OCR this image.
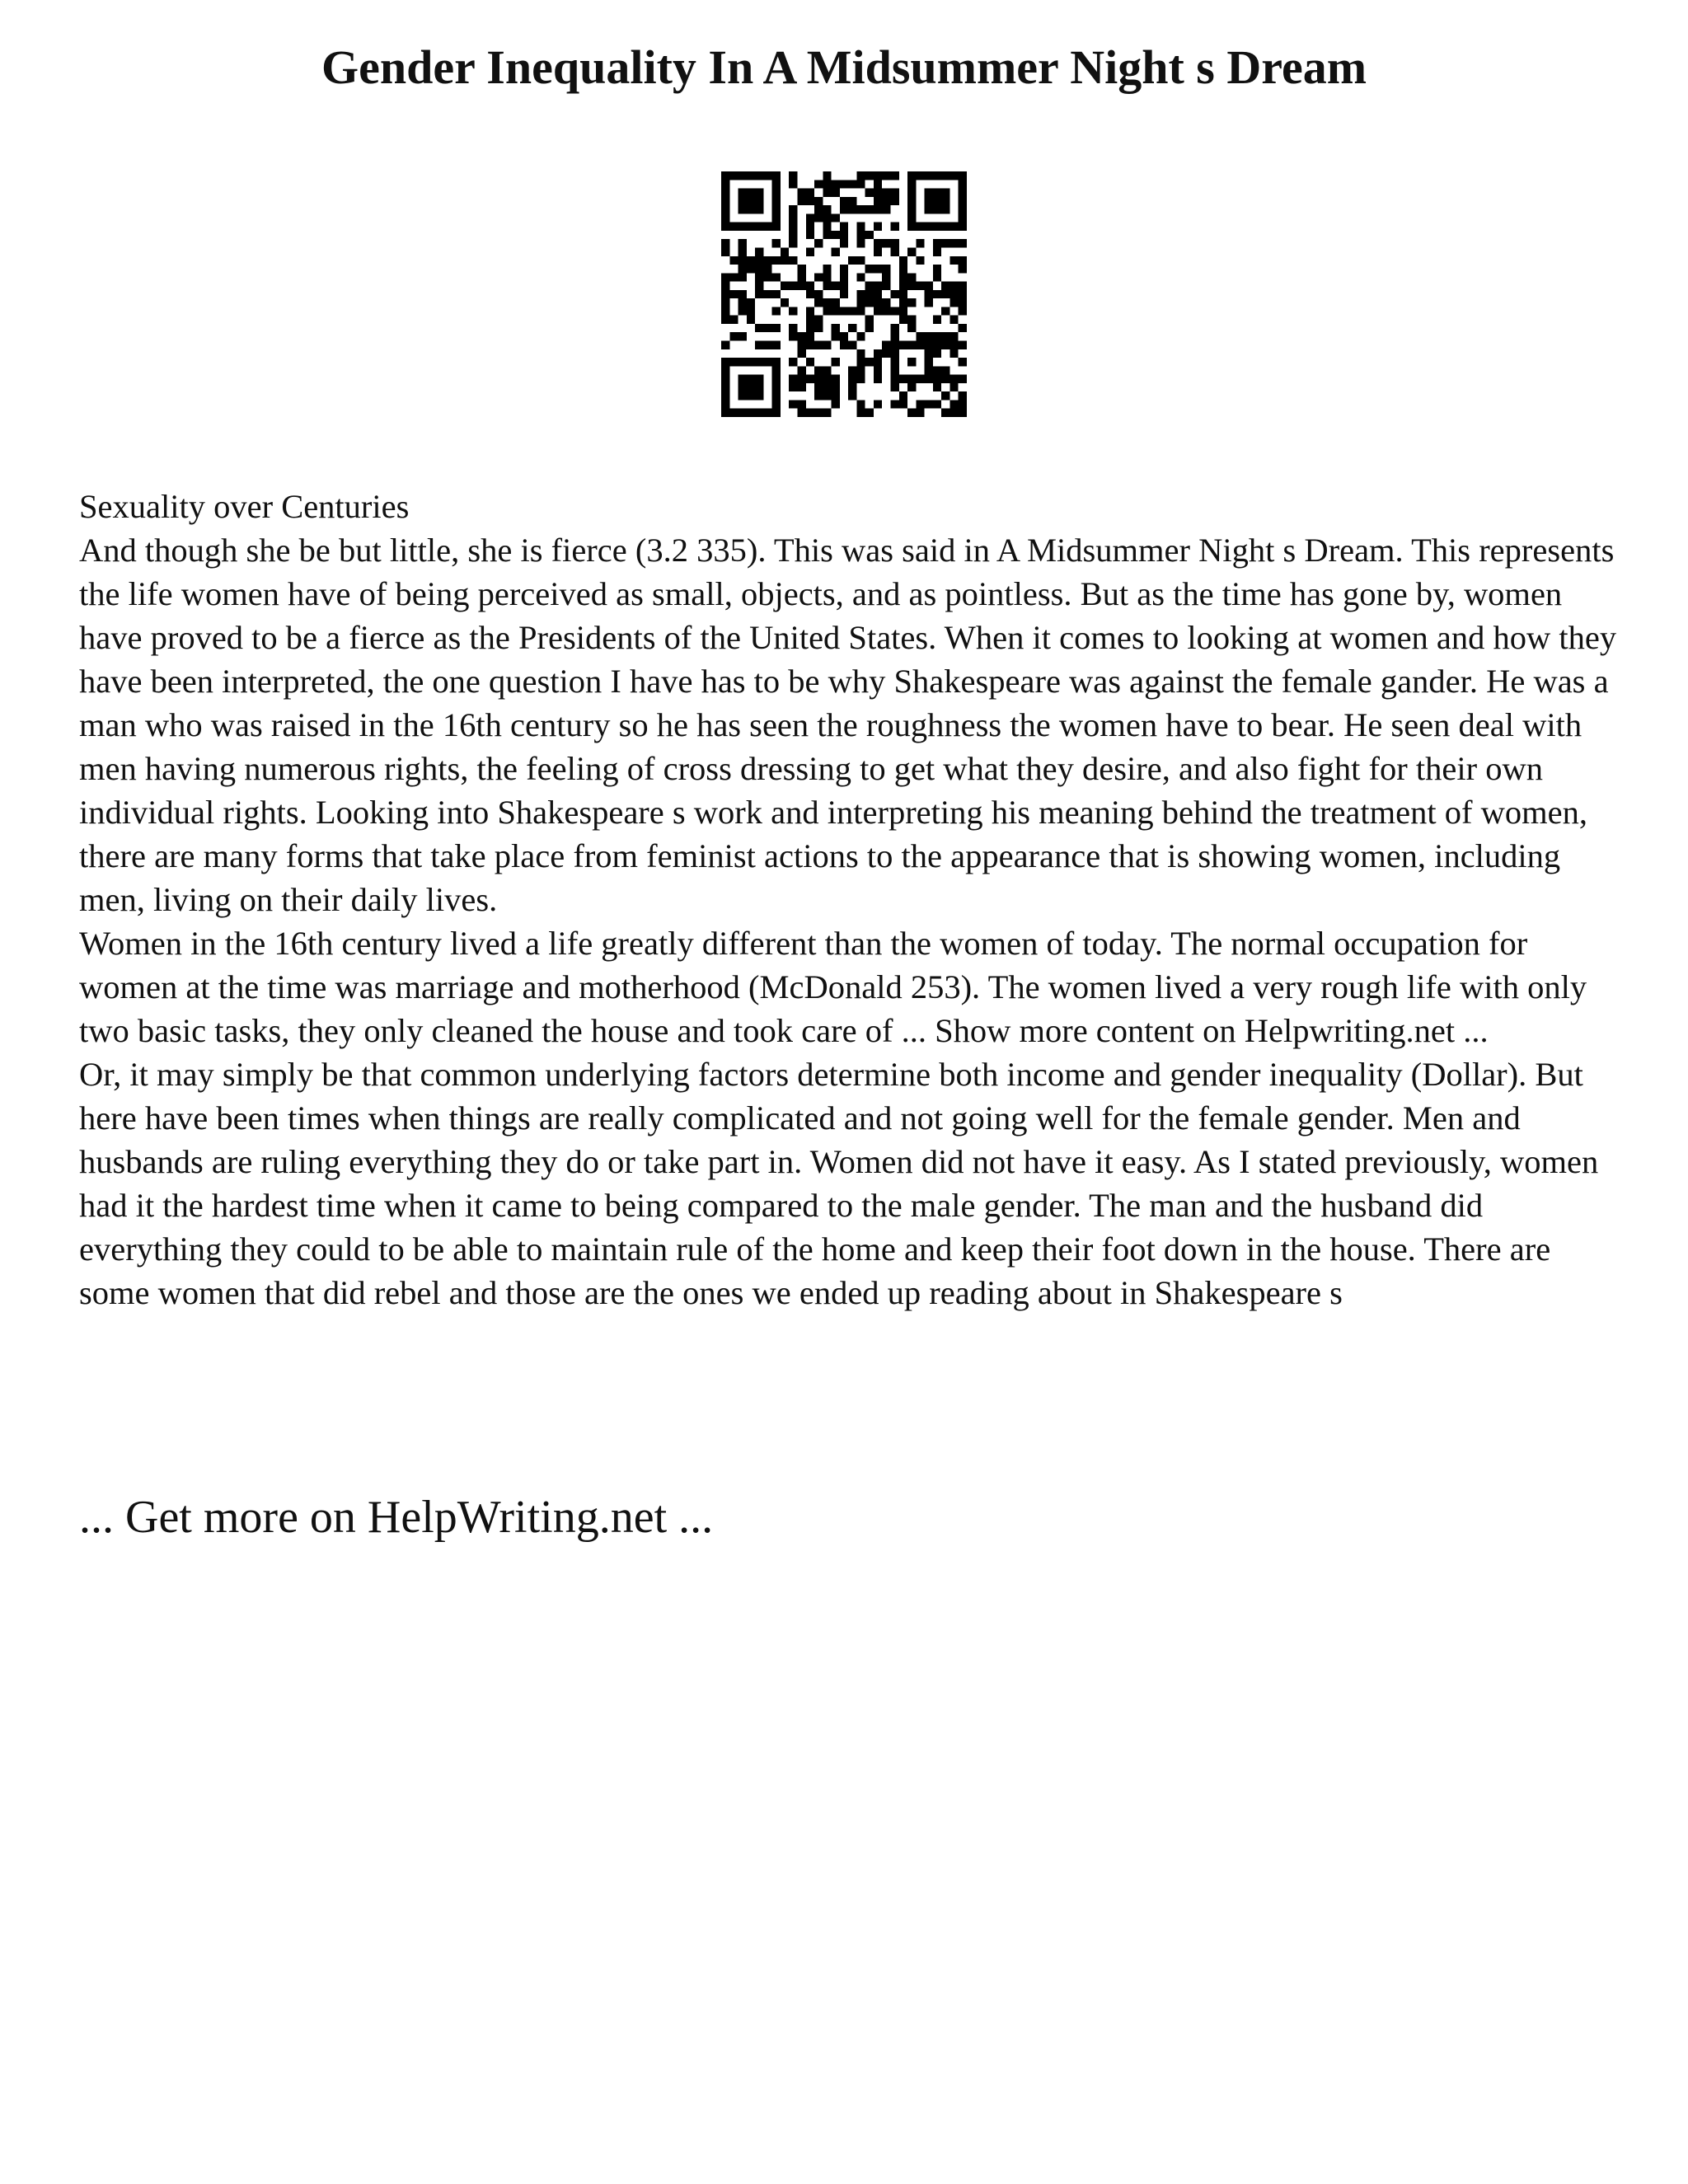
Gender Inequality In A Midsummer Night s Dream

Sexuality over Centuries

And though she be but little, she is fierce (3.2 335). This was said in A Midsummer Night s Dream. This represents the life women have of being perceived as small, objects, and as pointless. But as the time has gone by, women have proved to be a fierce as the Presidents of the United States. When it comes to looking at women and how they have been interpreted, the one question I have has to be why Shakespeare was against the female gander. He was a man who was raised in the 16th century so he has seen the roughness the women have to bear. He seen deal with men having numerous rights, the feeling of cross dressing to get what they desire, and also fight for their own individual rights. Looking into Shakespeare s work and interpreting his meaning behind the treatment of women, there are many forms that take place from feminist actions to the appearance that is showing women, including men, living on their daily lives.

Women in the 16th century lived a life greatly different than the women of today. The normal occupation for women at the time was marriage and motherhood (McDonald 253). The women lived a very rough life with only two basic tasks, they only cleaned the house and took care of ... Show more content on Helpwriting.net ...

Or, it may simply be that common underlying factors determine both income and gender inequality (Dollar). But here have been times when things are really complicated and not going well for the female gender. Men and husbands are ruling everything they do or take part in. Women did not have it easy. As I stated previously, women had it the hardest time when it came to being compared to the male gender. The man and the husband did everything they could to be able to maintain rule of the home and keep their foot down in the house. There are some women that did rebel and those are the ones we ended up reading about in Shakespeare s

... Get more on HelpWriting.net ...
